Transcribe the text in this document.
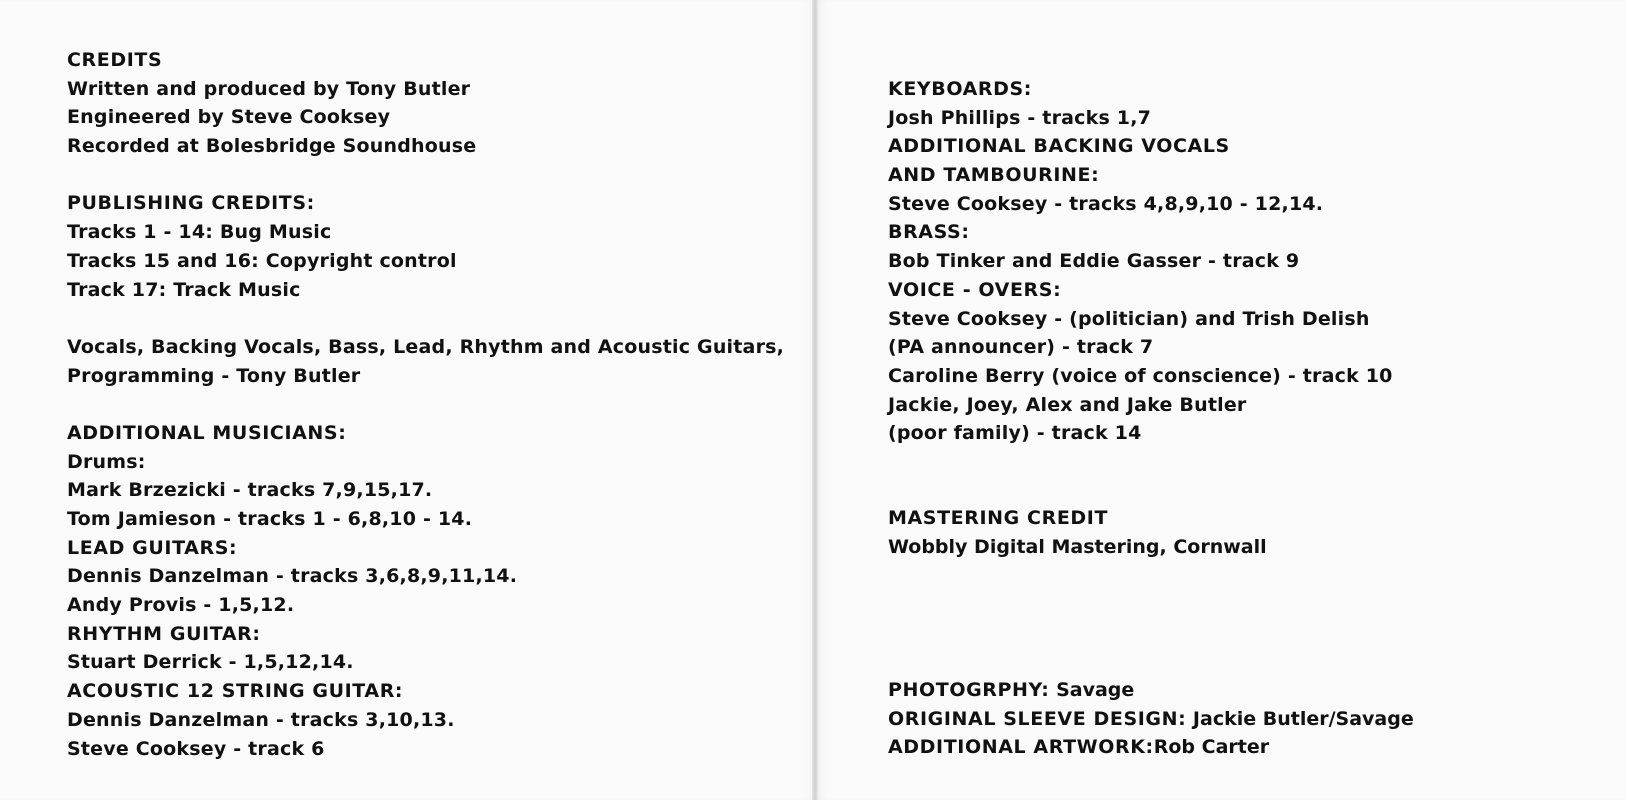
CREDITS
Written and produced by Tony Butler
Engineered by Steve Cooksey
Recorded at Bolesbridge Soundhouse
PUBLISHING CREDITS:
Tracks 1 - 14: Bug Music
Tracks 15 and 16: Copyright control
Track 17: Track Music
Vocals, Backing Vocals, Bass, Lead, Rhythm and Acoustic Guitars,
Programming - Tony Butler
ADDITIONAL MUSICIANS:
Drums:
Mark Brzezicki - tracks 7,9,15,17.
Tom Jamieson - tracks 1 - 6,8,10 - 14.
LEAD GUITARS:
Dennis Danzelman - tracks 3,6,8,9,11,14.
Andy Provis - 1,5,12.
RHYTHM GUITAR:
Stuart Derrick - 1,5,12,14.
ACOUSTIC 12 STRING GUITAR:
Dennis Danzelman - tracks 3,10,13.
Steve Cooksey - track 6
KEYBOARDS:
Josh Phillips - tracks 1,7
ADDITIONAL BACKING VOCALS
AND TAMBOURINE:
Steve Cooksey - tracks 4,8,9,10 - 12,14.
BRASS:
Bob Tinker and Eddie Gasser - track 9
VOICE - OVERS:
Steve Cooksey - (politician) and Trish Delish
(PA announcer) - track 7
Caroline Berry (voice of conscience) - track 10
Jackie, Joey, Alex and Jake Butler
(poor family) - track 14
MASTERING CREDIT
Wobbly Digital Mastering, Cornwall
PHOTOGRPHY: Savage
ORIGINAL SLEEVE DESIGN: Jackie Butler/Savage
ADDITIONAL ARTWORK:Rob Carter
